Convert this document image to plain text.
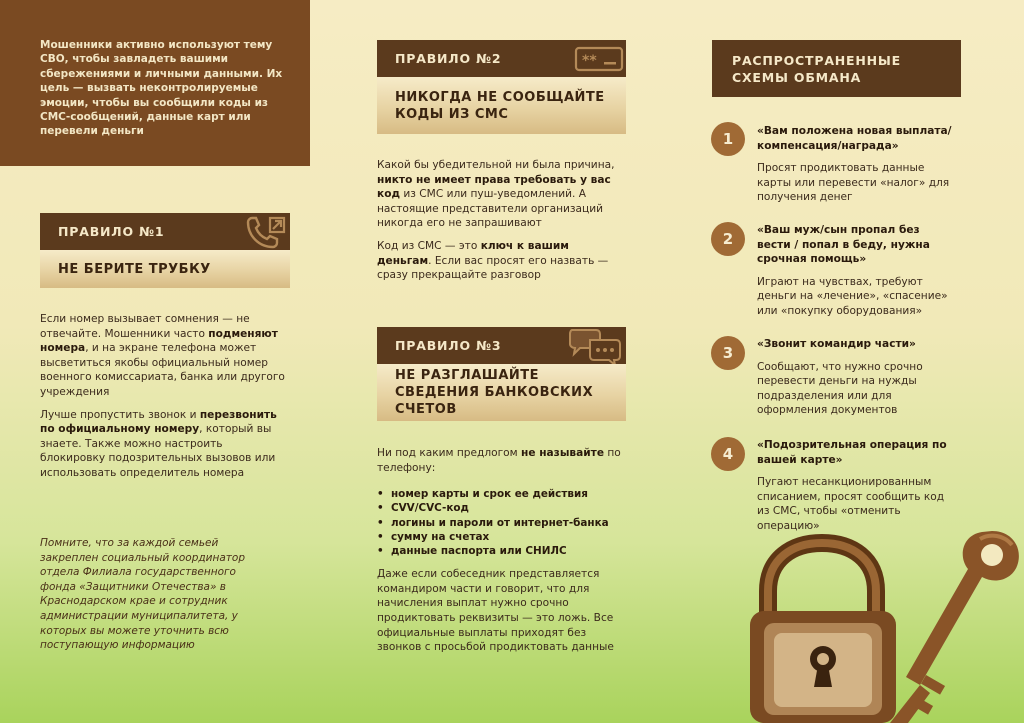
Мошенники активно используют тему СВО, чтобы завладеть вашими сбережениями и личными данными. Их цель — вызвать неконтролируемые эмоции, чтобы вы сообщили коды из СМС-сообщений, данные карт или перевели деньги
ПРАВИЛО №1
НЕ БЕРИТЕ ТРУБКУ

Если номер вызывает сомнения — не отвечайте. Мошенники часто подменяют номера, и на экране телефона может высветиться якобы официальный номер военного комиссариата, банка или другого учреждения

Лучше пропустить звонок и перезвонить по официальному номеру, который вы знаете. Также можно настроить блокировку подозрительных вызовов или использовать определитель номера

Помните, что за каждой семьей закреплен социальный координатор отдела Филиала государственного фонда «Защитники Отечества» в Краснодарском крае и сотрудник администрации муниципалитета, у которых вы можете уточнить всю поступающую информацию
ПРАВИЛО №2	**
НИКОГДА НЕ СООБЩАЙТЕ КОДЫ ИЗ СМС

Какой бы убедительной ни была причина, никто не имеет права требовать у вас код из СМС или пуш-уведомлений. А настоящие представители организаций никогда его не запрашивают

Код из СМС — это ключ к вашим деньгам. Если вас просят его назвать — сразу прекращайте разговор

ПРАВИЛО №3
НЕ РАЗГЛАШАЙТЕ СВЕДЕНИЯ БАНКОВСКИХ СЧЕТОВ

Ни под каким предлогом не называйте по телефону:

• номер карты и срок ее действия
• CVV/CVC-код
• логины и пароли от интернет-банка
• сумму на счетах
• данные паспорта или СНИЛС

Даже если собеседник представляется командиром части и говорит, что для начисления выплат нужно срочно продиктовать реквизиты — это ложь. Все официальные выплаты приходят без звонков с просьбой продиктовать данные

РАСПРОСТРАНЕННЫЕ СХЕМЫ ОБМАНА
1	«Вам положена новая выплата/ компенсация/награда»
Просят продиктовать данные карты или перевести «налог» для получения денег
2	«Ваш муж/сын пропал без вести / попал в беду, нужна срочная помощь»
Играют на чувствах, требуют деньги на «лечение», «спасение» или «покупку оборудования»
3	«Звонит командир части»
Сообщают, что нужно срочно перевести деньги на нужды подразделения или для оформления документов
4	«Подозрительная операция по вашей карте»
Пугают несанкционированным списанием, просят сообщить код из СМС, чтобы «отменить операцию»
